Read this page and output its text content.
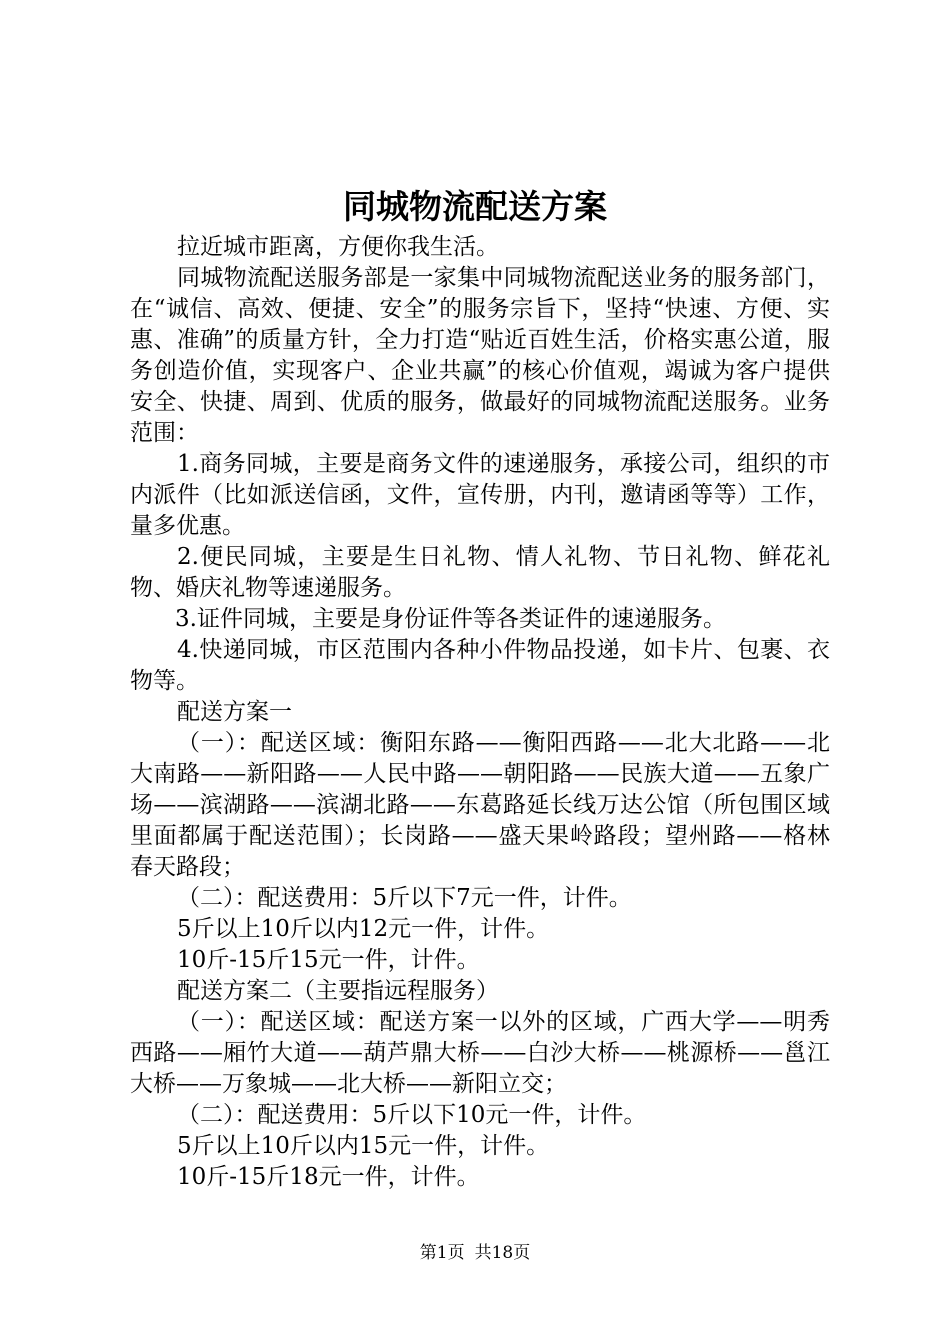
同城物流配送方案

拉近城市距离，方便你我生活。

同城物流配送服务部是一家集中同城物流配送业务的服务部门，在“诚信、高效、便捷、安全”的服务宗旨下，坚持“快速、方便、实惠、准确”的质量方针，全力打造“贴近百姓生活，价格实惠公道，服务创造价值，实现客户、企业共赢”的核心价值观，竭诚为客户提供安全、快捷、周到、优质的服务，做最好的同城物流配送服务。业务范围：

1.商务同城，主要是商务文件的速递服务，承接公司，组织的市内派件（比如派送信函，文件，宣传册，内刊，邀请函等等）工作，量多优惠。

2.便民同城，主要是生日礼物、情人礼物、节日礼物、鲜花礼物、婚庆礼物等速递服务。

3.证件同城，主要是身份证件等各类证件的速递服务。

4.快递同城，市区范围内各种小件物品投递，如卡片、包裹、衣物等。

配送方案一

（一）：配送区域：衡阳东路——衡阳西路——北大北路——北大南路——新阳路——人民中路——朝阳路——民族大道——五象广场——滨湖路——滨湖北路——东葛路延长线万达公馆（所包围区域里面都属于配送范围）；长岗路——盛天果岭路段；望州路——格林春天路段；

（二）：配送费用：5斤以下7元一件，计件。

5斤以上10斤以内12元一件，计件。

10斤-15斤15元一件，计件。

配送方案二（主要指远程服务）

（一）：配送区域：配送方案一以外的区域，广西大学——明秀西路——厢竹大道——葫芦鼎大桥——白沙大桥——桃源桥——邕江大桥——万象城——北大桥——新阳立交；

（二）：配送费用：5斤以下10元一件，计件。

5斤以上10斤以内15元一件，计件。

10斤-15斤18元一件，计件。

第1页 共18页
